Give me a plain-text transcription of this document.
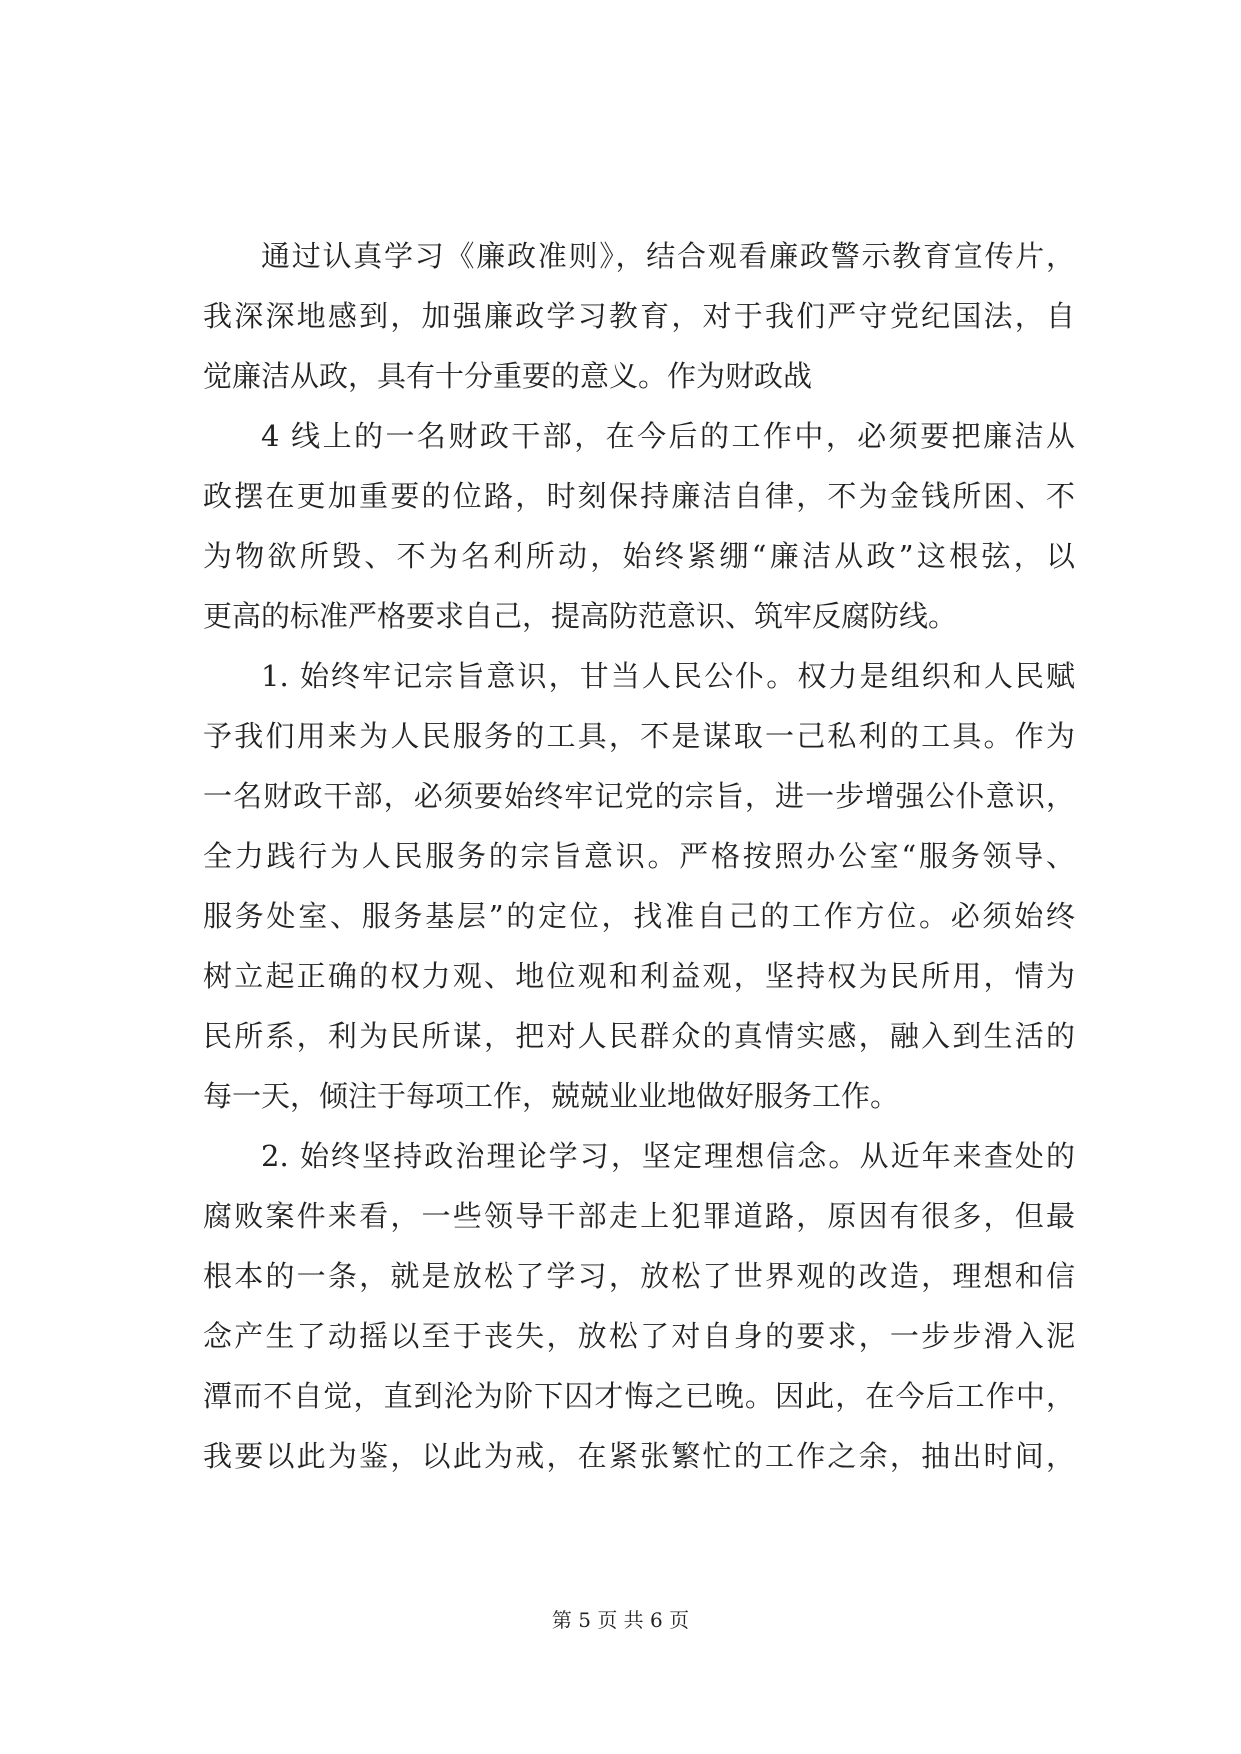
通过认真学习《廉政准则》，结合观看廉政警示教育宣传片，
我深深地感到，加强廉政学习教育，对于我们严守党纪国法，自
觉廉洁从政，具有十分重要的意义。作为财政战
4 线上的一名财政干部，在今后的工作中，必须要把廉洁从
政摆在更加重要的位路，时刻保持廉洁自律，不为金钱所困、不
为物欲所毁、不为名利所动，始终紧绷“廉洁从政”这根弦，以
更高的标准严格要求自己，提高防范意识、筑牢反腐防线。
1. 始终牢记宗旨意识，甘当人民公仆。权力是组织和人民赋
予我们用来为人民服务的工具，不是谋取一己私利的工具。作为
一名财政干部，必须要始终牢记党的宗旨，进一步增强公仆意识，
全力践行为人民服务的宗旨意识。严格按照办公室“服务领导、
服务处室、服务基层”的定位，找准自己的工作方位。必须始终
树立起正确的权力观、地位观和利益观，坚持权为民所用，情为
民所系，利为民所谋，把对人民群众的真情实感，融入到生活的
每一天，倾注于每项工作，兢兢业业地做好服务工作。
2. 始终坚持政治理论学习，坚定理想信念。从近年来查处的
腐败案件来看，一些领导干部走上犯罪道路，原因有很多，但最
根本的一条，就是放松了学习，放松了世界观的改造，理想和信
念产生了动摇以至于丧失，放松了对自身的要求，一步步滑入泥
潭而不自觉，直到沦为阶下囚才悔之已晚。因此，在今后工作中，
我要以此为鉴，以此为戒，在紧张繁忙的工作之余，抽出时间，
第 5 页 共 6 页
